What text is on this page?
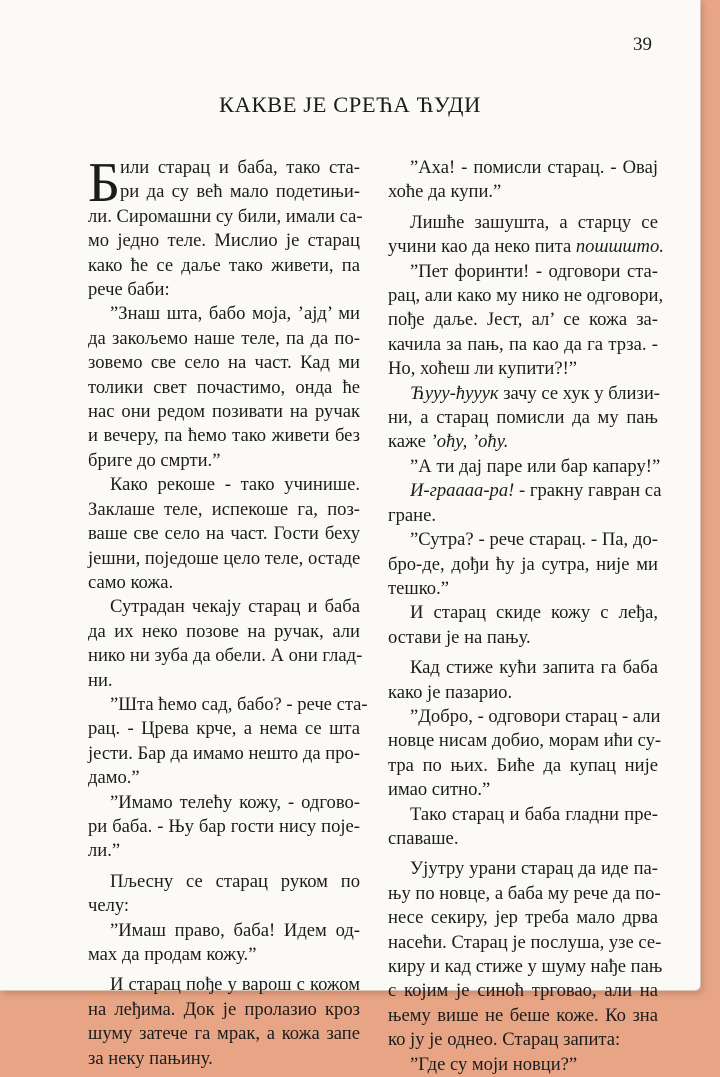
39
КАКВЕ ЈЕ СРЕЋА ЋУДИ
Б или старац и баба, тако ста-
ри да су већ мало подетињи-
ли. Сиромашни су били, имали са-
мо једно теле. Мислио је старац
како ће се даље тако живети, па
рече баби:
”Знаш шта, бабо моја, ’ајд’ ми
да закољемо наше теле, па да по-
зовемо све село на част. Кад ми
толики свет почастимо, онда ће
нас они редом позивати на ручак
и вечеру, па ћемо тако живети без
бриге до смрти.”
Како рекоше - тако учинише.
Заклаше теле, испекоше га, поз-
ваше све село на част. Гости беху
јешни, поједоше цело теле, остаде
само кожа.
Сутрадан чекају старац и баба
да их неко позове на ручак, али
нико ни зуба да обели. А они глад-
ни.
”Шта ћемо сад, бабо? - рече ста-
рац. - Црева крче, а нема се шта
јести. Бар да имамо нешто да про-
дамо.”
”Имамо телећу кожу, - одгово-
ри баба. - Њу бар гости нису поје-
ли.”
Пљесну се старац руком по
челу:
”Имаш право, баба! Идем од-
мах да продам кожу.”
И старац пође у варош с кожом
на леђима. Док је пролазио кроз
шуму затече га мрак, а кожа запе
за неку пањину.
”Аха! - помисли старац. - Овај
хоће да купи.”
Лишће зашушта, а старцу се
учини као да неко пита пошшшто.
”Пет форинти! - одговори ста-
рац, али како му нико не одговори,
пође даље. Јест, ал’ се кожа за-
качила за пањ, па као да га трза. -
Но, хоћеш ли купити?!”
Ћууу-ћууук зачу се хук у близи-
ни, а старац помисли да му пањ
каже ’оћу, ’оћу.
”А ти дај паре или бар капару!”
И-граааа-ра! - гракну гавран са
гране.
”Сутра? - рече старац. - Па, до-
бро-де, дођи ћу ја сутра, није ми
тешко.”
И старац скиде кожу с леђа,
остави је на пању.
Кад стиже кући запита га баба
како је пазарио.
”Добро, - одговори старац - али
новце нисам добио, морам ићи су-
тра по њих. Биће да купац није
имао ситно.”
Тако старац и баба гладни пре-
спаваше.
Ујутру урани старац да иде па-
њу по новце, а баба му рече да по-
несе секиру, јер треба мало дрва
насећи. Старац је послуша, узе се-
киру и кад стиже у шуму нађе пањ
с којим је синоћ трговао, али на
њему више не беше коже. Ко зна
ко ју је однео. Старац запита:
”Где су моји новци?”
